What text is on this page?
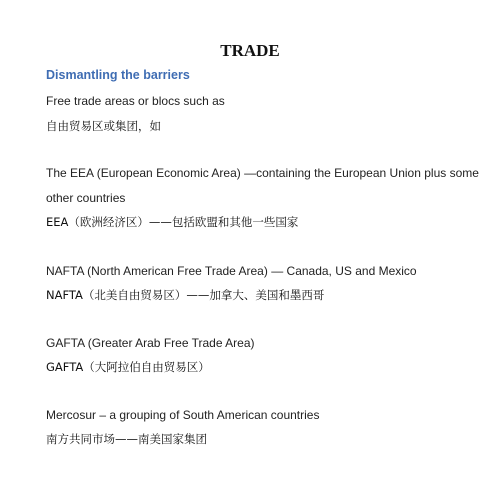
TRADE
Dismantling the barriers

Free trade areas or blocs such as

自由贸易区或集团，如

The EEA (European Economic Area) —containing the European Union plus some

other countries

EEA（欧洲经济区）——包括欧盟和其他一些国家

NAFTA (North American Free Trade Area) — Canada, US and Mexico

NAFTA（北美自由贸易区）——加拿大、美国和墨西哥

GAFTA (Greater Arab Free Trade Area)

GAFTA（大阿拉伯自由贸易区）

Mercosur – a grouping of South American countries

南方共同市场——南美国家集团
